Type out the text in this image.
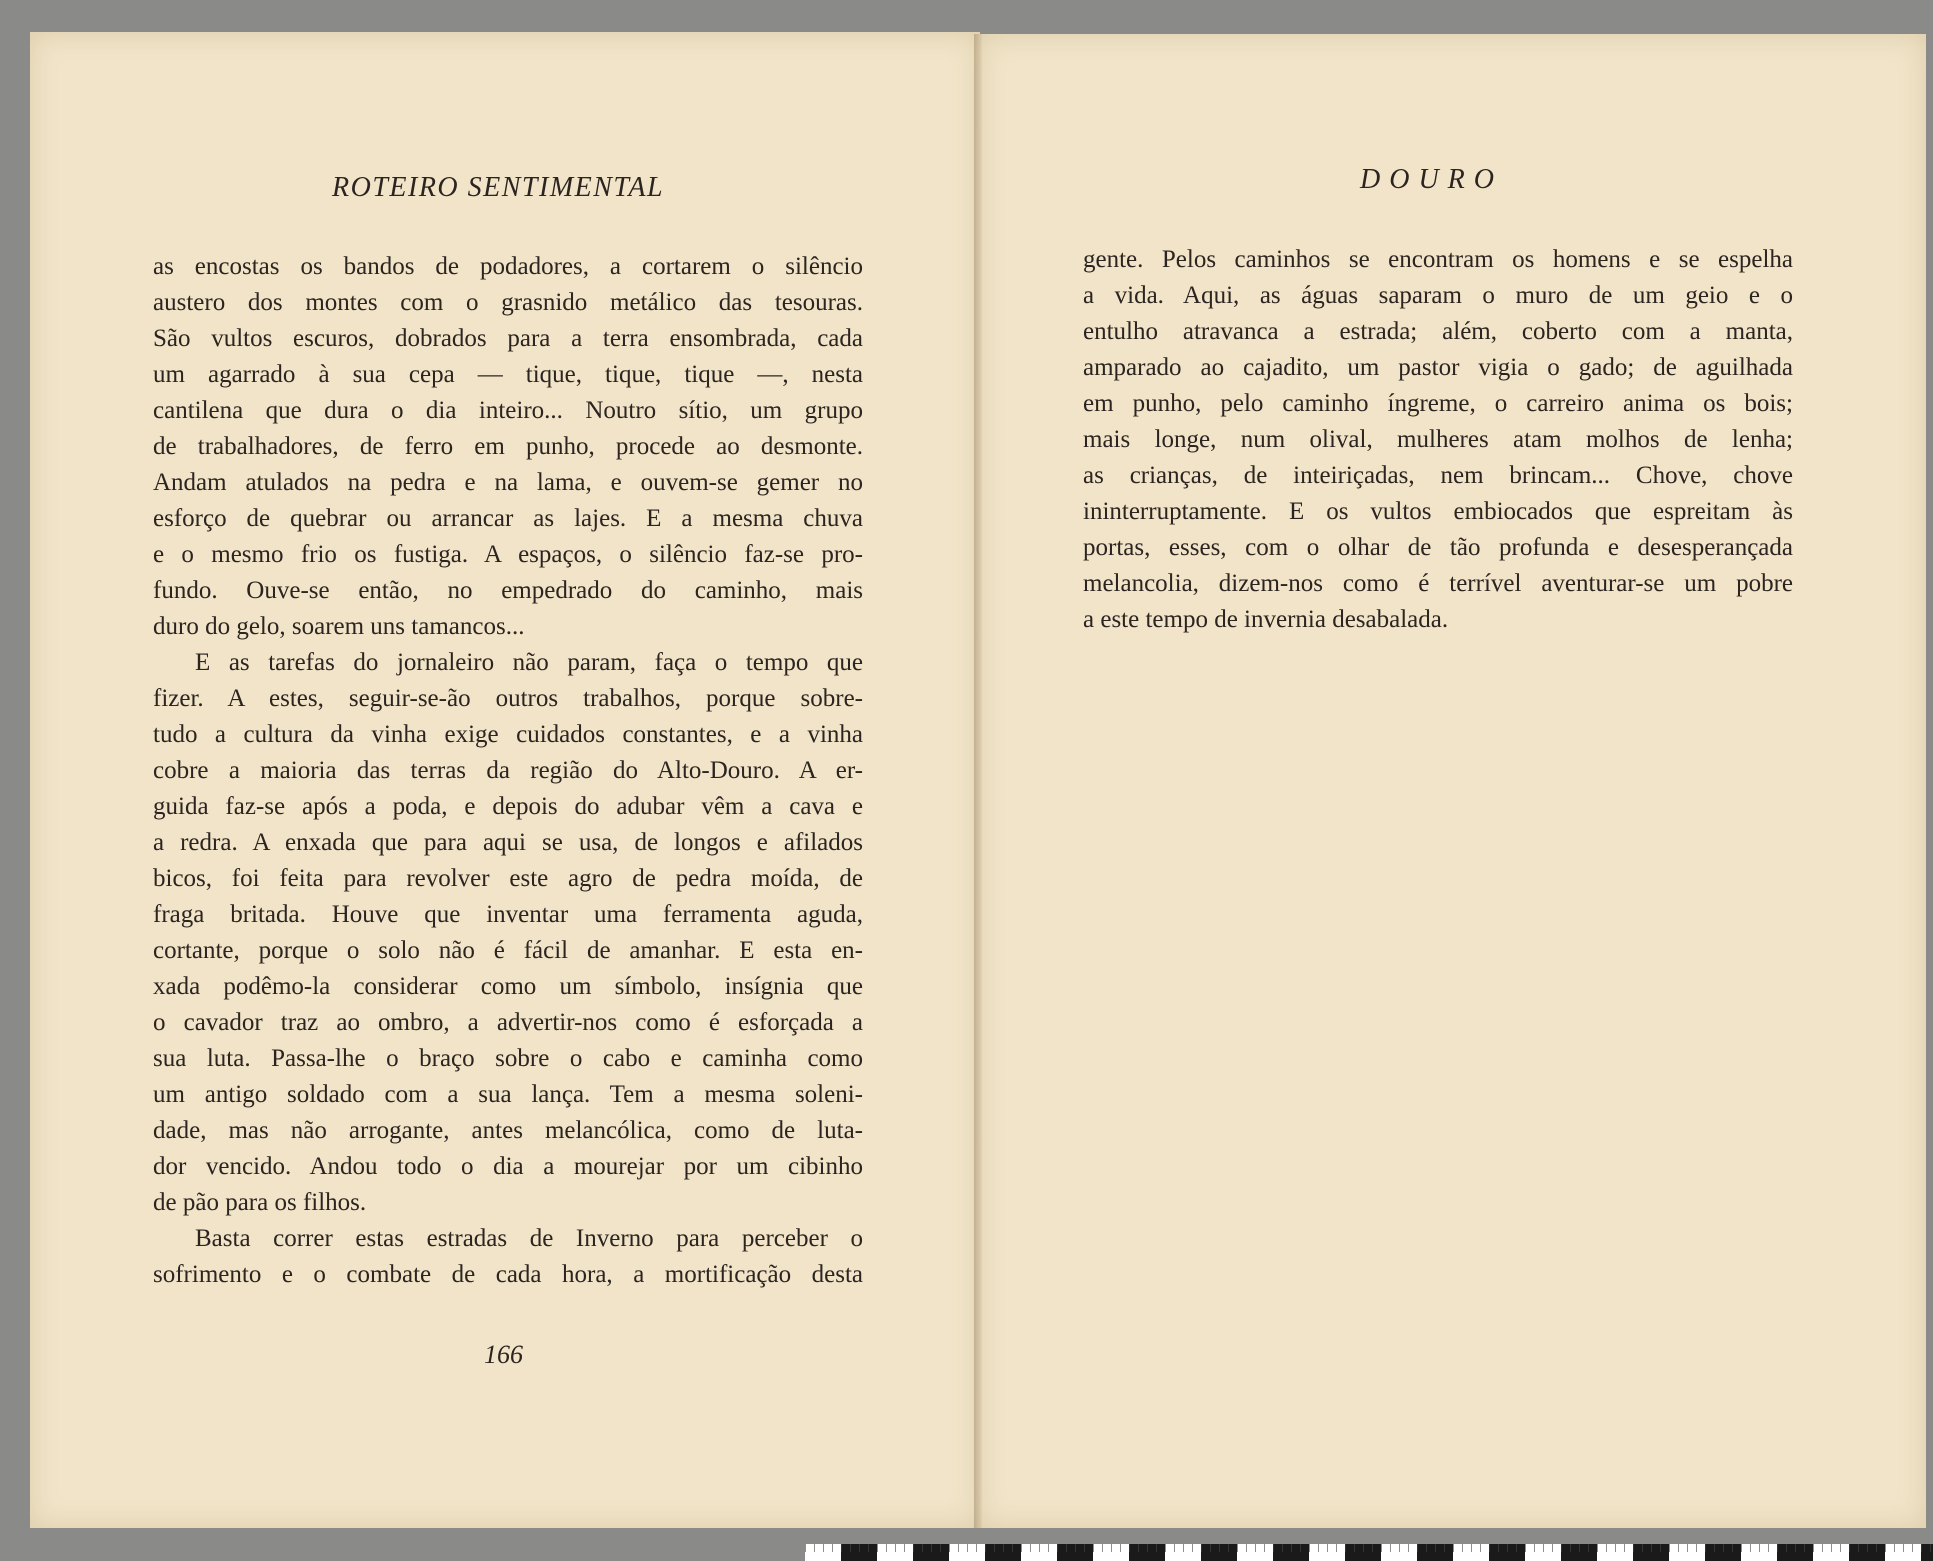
ROTEIRO SENTIMENTAL	DOURO
as encostas os bandos de podadores, a cortarem o silêncio
austero dos montes com o grasnido metálico das tesouras.
São vultos escuros, dobrados para a terra ensombrada, cada
um agarrado à sua cepa — tique, tique, tique —, nesta
cantilena que dura o dia inteiro... Noutro sítio, um grupo
de trabalhadores, de ferro em punho, procede ao desmonte.
Andam atulados na pedra e na lama, e ouvem-se gemer no
esforço de quebrar ou arrancar as lajes. E a mesma chuva
e o mesmo frio os fustiga. A espaços, o silêncio faz-se pro-
fundo. Ouve-se então, no empedrado do caminho, mais
duro do gelo, soarem uns tamancos...
E as tarefas do jornaleiro não param, faça o tempo que
fizer. A estes, seguir-se-ão outros trabalhos, porque sobre-
tudo a cultura da vinha exige cuidados constantes, e a vinha
cobre a maioria das terras da região do Alto-Douro. A er-
guida faz-se após a poda, e depois do adubar vêm a cava e
a redra. A enxada que para aqui se usa, de longos e afilados
bicos, foi feita para revolver este agro de pedra moída, de
fraga britada. Houve que inventar uma ferramenta aguda,
cortante, porque o solo não é fácil de amanhar. E esta en-
xada podêmo-la considerar como um símbolo, insígnia que
o cavador traz ao ombro, a advertir-nos como é esforçada a
sua luta. Passa-lhe o braço sobre o cabo e caminha como
um antigo soldado com a sua lança. Tem a mesma soleni-
dade, mas não arrogante, antes melancólica, como de luta-
dor vencido. Andou todo o dia a mourejar por um cibinho
de pão para os filhos.
Basta correr estas estradas de Inverno para perceber o
sofrimento e o combate de cada hora, a mortificação desta
gente. Pelos caminhos se encontram os homens e se espelha
a vida. Aqui, as águas saparam o muro de um geio e o
entulho atravanca a estrada; além, coberto com a manta,
amparado ao cajadito, um pastor vigia o gado; de aguilhada
em punho, pelo caminho íngreme, o carreiro anima os bois;
mais longe, num olival, mulheres atam molhos de lenha;
as crianças, de inteiriçadas, nem brincam... Chove, chove
ininterruptamente. E os vultos embiocados que espreitam às
portas, esses, com o olhar de tão profunda e desesperançada
melancolia, dizem-nos como é terrível aventurar-se um pobre
a este tempo de invernia desabalada.
166
